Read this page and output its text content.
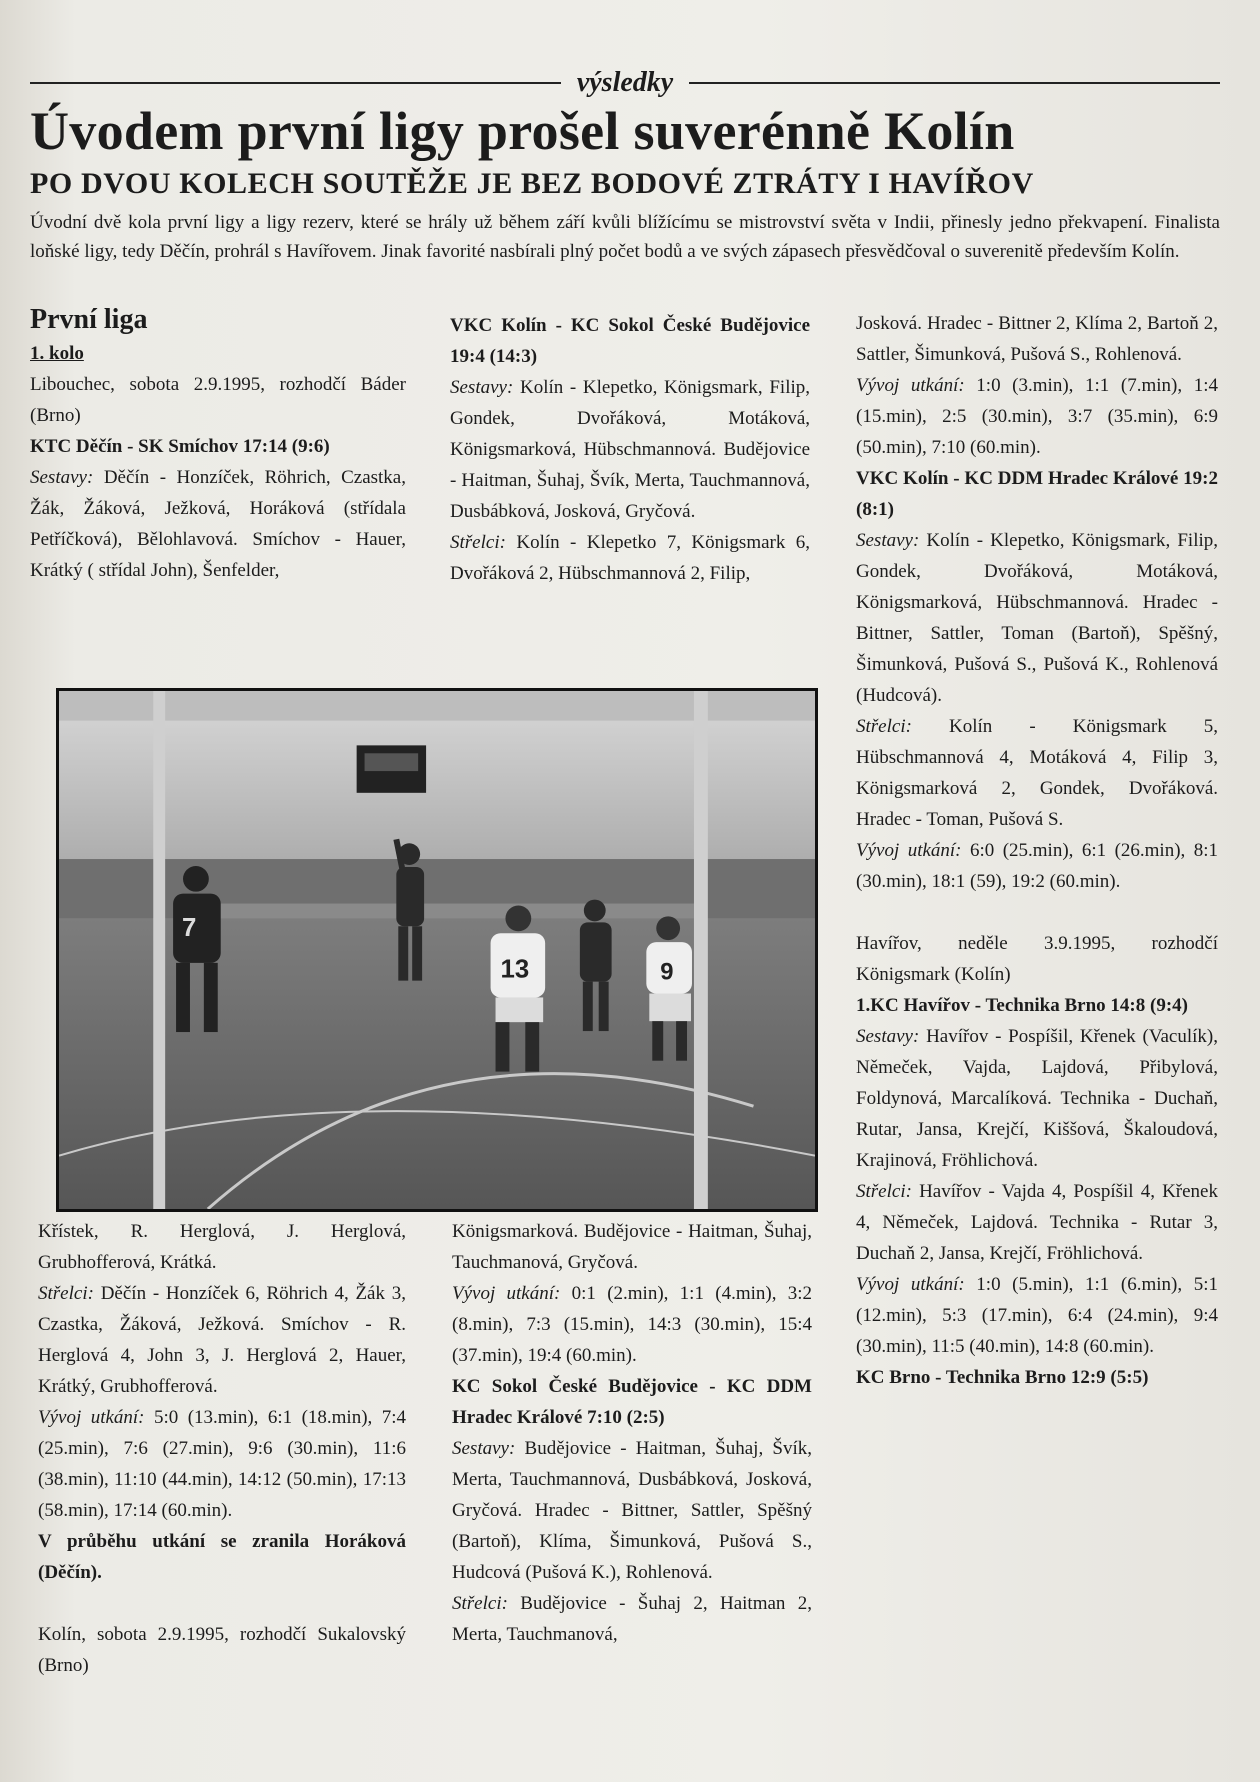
výsledky
Úvodem první ligy prošel suverénně Kolín
PO DVOU KOLECH SOUTĚŽE JE BEZ BODOVÉ ZTRÁTY I HAVÍŘOV
Úvodní dvě kola první ligy a ligy rezerv, které se hrály už během září kvůli blížícímu se mistrovství světa v Indii, přinesly jedno překvapení. Finalista loňské ligy, tedy Děčín, prohrál s Havířovem. Jinak favorité nasbírali plný počet bodů a ve svých zápasech přesvědčoval o suverenitě především Kolín.
První liga

1. kolo

Libouchec, sobota 2.9.1995, rozhodčí Báder (Brno)

KTC Děčín - SK Smíchov 17:14 (9:6)

Sestavy: Děčín - Honzíček, Röhrich, Czastka, Žák, Žáková, Ježková, Horáková (střídala Petříčková), Bělohlavová. Smíchov - Hauer, Krátký ( střídal John), Šenfelder,

VKC Kolín - KC Sokol České Budějovice 19:4 (14:3)

Sestavy: Kolín - Klepetko, Königsmark, Filip, Gondek, Dvořáková, Motáková, Königsmarková, Hübschmannová. Budějovice - Haitman, Šuhaj, Švík, Merta, Tauchmannová, Dusbábková, Josková, Gryčová.

Střelci: Kolín - Klepetko 7, Königsmark 6, Dvořáková 2, Hübschmannová 2, Filip,

7
13	9

Křístek, R. Herglová, J. Herglová, Grubhofferová, Krátká.

Střelci: Děčín - Honzíček 6, Röhrich 4, Žák 3, Czastka, Žáková, Ježková. Smíchov - R. Herglová 4, John 3, J. Herglová 2, Hauer, Krátký, Grubhofferová.

Vývoj utkání: 5:0 (13.min), 6:1 (18.min), 7:4 (25.min), 7:6 (27.min), 9:6 (30.min), 11:6 (38.min), 11:10 (44.min), 14:12 (50.min), 17:13 (58.min), 17:14 (60.min).

V průběhu utkání se zranila Horáková (Děčín).

Kolín, sobota 2.9.1995, rozhodčí Sukalovský (Brno)

Königsmarková. Budějovice - Haitman, Šuhaj, Tauchmanová, Gryčová.

Vývoj utkání: 0:1 (2.min), 1:1 (4.min), 3:2 (8.min), 7:3 (15.min), 14:3 (30.min), 15:4 (37.min), 19:4 (60.min).

KC Sokol České Budějovice - KC DDM Hradec Králové 7:10 (2:5)

Sestavy: Budějovice - Haitman, Šuhaj, Švík, Merta, Tauchmannová, Dusbábková, Josková, Gryčová. Hradec - Bittner, Sattler, Spěšný (Bartoň), Klíma, Šimunková, Pušová S., Hudcová (Pušová K.), Rohlenová.

Střelci: Budějovice - Šuhaj 2, Haitman 2, Merta, Tauchmanová,

Josková. Hradec - Bittner 2, Klíma 2, Bartoň 2, Sattler, Šimunková, Pušová S., Rohlenová.

Vývoj utkání: 1:0 (3.min), 1:1 (7.min), 1:4 (15.min), 2:5 (30.min), 3:7 (35.min), 6:9 (50.min), 7:10 (60.min).

VKC Kolín - KC DDM Hradec Králové 19:2 (8:1)

Sestavy: Kolín - Klepetko, Königsmark, Filip, Gondek, Dvořáková, Motáková, Königsmarková, Hübschmannová. Hradec - Bittner, Sattler, Toman (Bartoň), Spěšný, Šimunková, Pušová S., Pušová K., Rohlenová (Hudcová).

Střelci: Kolín - Königsmark 5, Hübschmannová 4, Motáková 4, Filip 3, Königsmarková 2, Gondek, Dvořáková. Hradec - Toman, Pušová S.

Vývoj utkání: 6:0 (25.min), 6:1 (26.min), 8:1 (30.min), 18:1 (59), 19:2 (60.min).

Havířov, neděle 3.9.1995, rozhodčí Königsmark (Kolín)

1.KC Havířov - Technika Brno 14:8 (9:4)

Sestavy: Havířov - Pospíšil, Křenek (Vaculík), Němeček, Vajda, Lajdová, Přibylová, Foldynová, Marcalíková. Technika - Duchaň, Rutar, Jansa, Krejčí, Kiššová, Škaloudová, Krajinová, Fröhlichová.

Střelci: Havířov - Vajda 4, Pospíšil 4, Křenek 4, Němeček, Lajdová. Technika - Rutar 3, Duchaň 2, Jansa, Krejčí, Fröhlichová.

Vývoj utkání: 1:0 (5.min), 1:1 (6.min), 5:1 (12.min), 5:3 (17.min), 6:4 (24.min), 9:4 (30.min), 11:5 (40.min), 14:8 (60.min).

KC Brno - Technika Brno 12:9 (5:5)
